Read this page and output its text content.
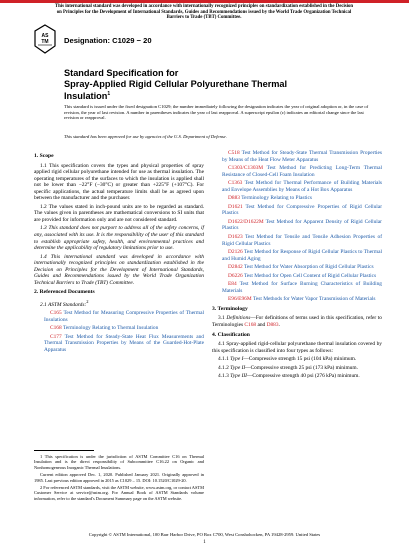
This international standard was developed in accordance with internationally recognized principles on standardization established in the Decision on Principles for the Development of International Standards, Guides and Recommendations issued by the World Trade Organization Technical Barriers to Trade (TBT) Committee.
AS
TM Designation: C1029 − 20
Standard Specification for
Spray-Applied Rigid Cellular Polyurethane Thermal
Insulation$^1$
This standard is issued under the fixed designation C1029; the number immediately following the designation indicates the year of original adoption or, in the case of revision, the year of last revision. A number in parentheses indicates the year of last reapproval. A superscript epsilon (ε) indicates an editorial change since the last revision or reapproval.
This standard has been approved for use by agencies of the U.S. Department of Defense.
1. Scope

1.1 This specification covers the types and physical properties of spray applied rigid cellular polyurethane intended for use as thermal insulation. The operating temperatures of the surfaces to which the insulation is applied shall not be lower than −22°F (−30°C) or greater than +225°F (+107°C). For specific applications, the actual temperature limits shall be as agreed upon between the manufacturer and the purchaser.

1.2 The values stated in inch-pound units are to be regarded as standard. The values given in parentheses are mathematical conversions to SI units that are provided for information only and are not considered standard.

1.3 This standard does not purport to address all of the safety concerns, if any, associated with its use. It is the responsibility of the user of this standard to establish appropriate safety, health, and environmental practices and determine the applicability of regulatory limitations prior to use.

1.4 This international standard was developed in accordance with internationally recognized principles on standardization established in the Decision on Principles for the Development of International Standards, Guides and Recommendations issued by the World Trade Organization Technical Barriers to Trade (TBT) Committee.

2. Referenced Documents

2.1 ASTM Standards:$^2$

C165 Test Method for Measuring Compressive Properties of Thermal Insulations

C168 Terminology Relating to Thermal Insulation

C177 Test Method for Steady-State Heat Flux Measurements and Thermal Transmission Properties by Means of the Guarded-Hot-Plate Apparatus

C518 Test Method for Steady-State Thermal Transmission Properties by Means of the Heat Flow Meter Apparatus

C1303/C1303M Test Method for Predicting Long-Term Thermal Resistance of Closed-Cell Foam Insulation

C1363 Test Method for Thermal Performance of Building Materials and Envelope Assemblies by Means of a Hot Box Apparatus

D883 Terminology Relating to Plastics

D1621 Test Method for Compressive Properties of Rigid Cellular Plastics

D1622/D1622M Test Method for Apparent Density of Rigid Cellular Plastics

D1623 Test Method for Tensile and Tensile Adhesion Properties of Rigid Cellular Plastics

D2126 Test Method for Response of Rigid Cellular Plastics to Thermal and Humid Aging

D2842 Test Method for Water Absorption of Rigid Cellular Plastics

D6226 Test Method for Open Cell Content of Rigid Cellular Plastics

E84 Test Method for Surface Burning Characteristics of Building Materials

E96/E96M Test Methods for Water Vapor Transmission of Materials

3. Terminology

3.1 Definitions—For definitions of terms used in this specification, refer to Terminologies C168 and D883.

4. Classification

4.1 Spray-applied rigid-cellular polyurethane thermal insulation covered by this specification is classified into four types as follows:

4.1.1 Type I—Compressive strength 15 psi (104 kPa) minimum.

4.1.2 Type II—Compressive strength 25 psi (173 kPa) minimum.

4.1.3 Type III—Compressive strength 40 psi (276 kPa) minimum.

1 This specification is under the jurisdiction of ASTM Committee C16 on Thermal Insulation and is the direct responsibility of Subcommittee C16.22 on Organic and Nonhomogeneous Inorganic Thermal Insulations.

Current edition approved Dec. 1, 2020. Published January 2021. Originally approved in 1985. Last previous edition approved in 2015 as C1029 – 15. DOI: 10.1520/C1029-20.

2 For referenced ASTM standards, visit the ASTM website, www.astm.org, or contact ASTM Customer Service at service@astm.org. For Annual Book of ASTM Standards volume information, refer to the standard's Document Summary page on the ASTM website.

Copyright © ASTM International, 100 Barr Harbor Drive, PO Box C700, West Conshohocken, PA 19428-2959. United States
1
